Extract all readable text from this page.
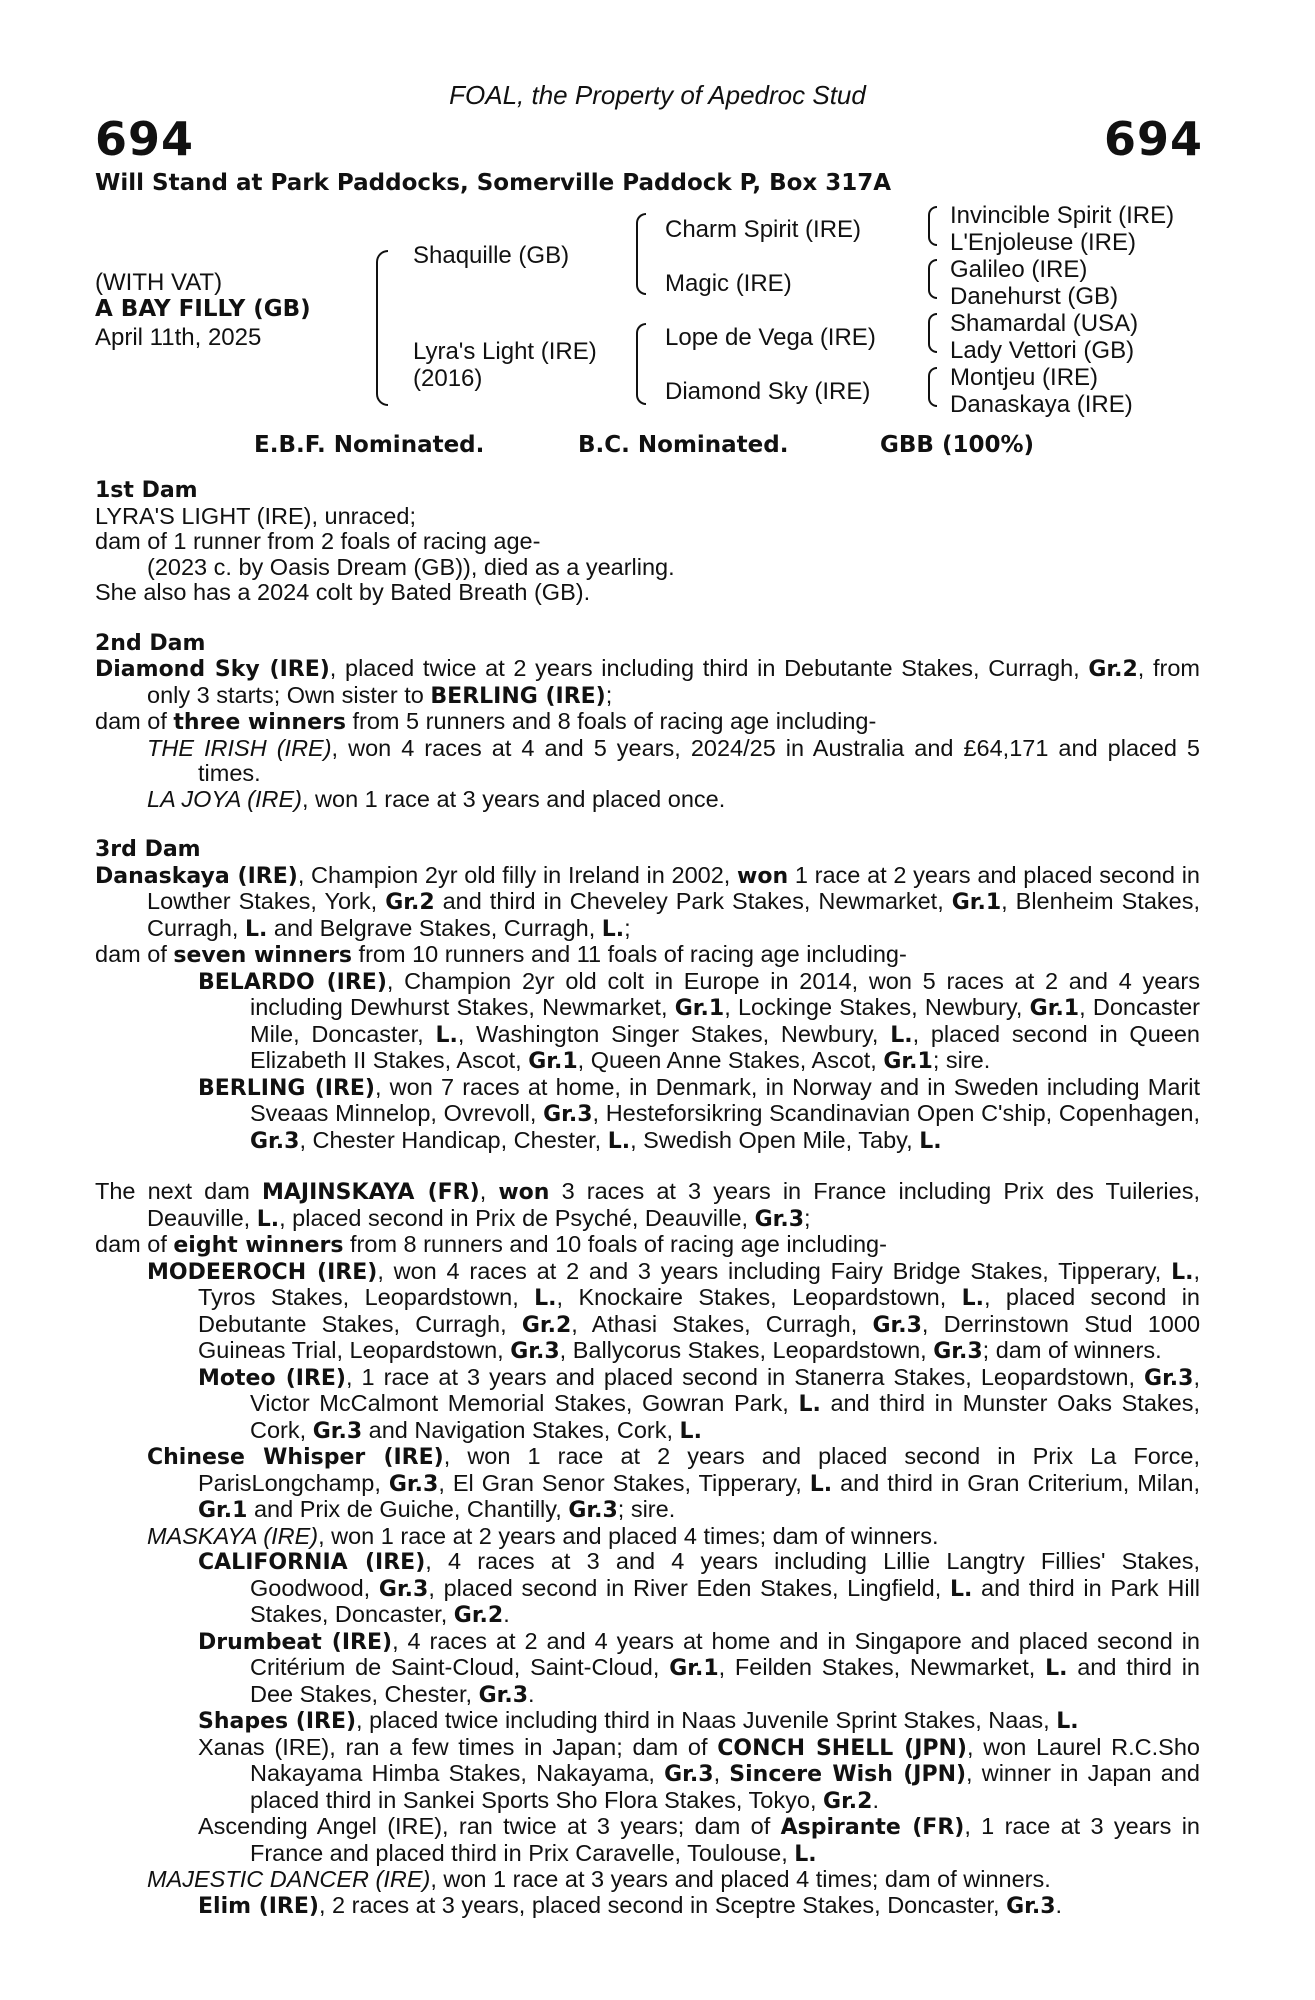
FOAL, the Property of Apedroc Stud
694	694
Will Stand at Park Paddocks, Somerville Paddock P, Box 317A
(WITH VAT)
A BAY FILLY (GB)
April 11th, 2025
Shaquille (GB)
Lyra's Light (IRE)
(2016)
Charm Spirit (IRE)
Magic (IRE)
Lope de Vega (IRE)
Diamond Sky (IRE)
Invincible Spirit (IRE)
L'Enjoleuse (IRE)
Galileo (IRE)
Danehurst (GB)
Shamardal (USA)
Lady Vettori (GB)
Montjeu (IRE)
Danaskaya (IRE)
E.B.F. Nominated.	B.C. Nominated.	GBB (100%)

1st Dam

LYRA'S LIGHT (IRE), unraced;

dam of 1 runner from 2 foals of racing age-

(2023 c. by Oasis Dream (GB)), died as a yearling.

She also has a 2024 colt by Bated Breath (GB).

2nd Dam

Diamond Sky (IRE), placed twice at 2 years including third in Debutante Stakes, Curragh, Gr.2, from only 3 starts; Own sister to BERLING (IRE);

dam of three winners from 5 runners and 8 foals of racing age including-

THE IRISH (IRE), won 4 races at 4 and 5 years, 2024/25 in Australia and £64,171 and placed 5 times.

LA JOYA (IRE), won 1 race at 3 years and placed once.

3rd Dam

Danaskaya (IRE), Champion 2yr old filly in Ireland in 2002, won 1 race at 2 years and placed second in Lowther Stakes, York, Gr.2 and third in Cheveley Park Stakes, Newmarket, Gr.1, Blenheim Stakes, Curragh, L. and Belgrave Stakes, Curragh, L.;

dam of seven winners from 10 runners and 11 foals of racing age including-

BELARDO (IRE), Champion 2yr old colt in Europe in 2014, won 5 races at 2 and 4 years including Dewhurst Stakes, Newmarket, Gr.1, Lockinge Stakes, Newbury, Gr.1, Doncaster Mile, Doncaster, L., Washington Singer Stakes, Newbury, L., placed second in Queen Elizabeth II Stakes, Ascot, Gr.1, Queen Anne Stakes, Ascot, Gr.1; sire.

BERLING (IRE), won 7 races at home, in Denmark, in Norway and in Sweden including Marit Sveaas Minnelop, Ovrevoll, Gr.3, Hesteforsikring Scandinavian Open C'ship, Copenhagen, Gr.3, Chester Handicap, Chester, L., Swedish Open Mile, Taby, L.

The next dam MAJINSKAYA (FR), won 3 races at 3 years in France including Prix des Tuileries, Deauville, L., placed second in Prix de Psyché, Deauville, Gr.3;

dam of eight winners from 8 runners and 10 foals of racing age including-

MODEEROCH (IRE), won 4 races at 2 and 3 years including Fairy Bridge Stakes, Tipperary, L., Tyros Stakes, Leopardstown, L., Knockaire Stakes, Leopardstown, L., placed second in Debutante Stakes, Curragh, Gr.2, Athasi Stakes, Curragh, Gr.3, Derrinstown Stud 1000 Guineas Trial, Leopardstown, Gr.3, Ballycorus Stakes, Leopardstown, Gr.3; dam of winners.

Moteo (IRE), 1 race at 3 years and placed second in Stanerra Stakes, Leopardstown, Gr.3, Victor McCalmont Memorial Stakes, Gowran Park, L. and third in Munster Oaks Stakes, Cork, Gr.3 and Navigation Stakes, Cork, L.

Chinese Whisper (IRE), won 1 race at 2 years and placed second in Prix La Force, ParisLongchamp, Gr.3, El Gran Senor Stakes, Tipperary, L. and third in Gran Criterium, Milan, Gr.1 and Prix de Guiche, Chantilly, Gr.3; sire.

MASKAYA (IRE), won 1 race at 2 years and placed 4 times; dam of winners.

CALIFORNIA (IRE), 4 races at 3 and 4 years including Lillie Langtry Fillies' Stakes, Goodwood, Gr.3, placed second in River Eden Stakes, Lingfield, L. and third in Park Hill Stakes, Doncaster, Gr.2.

Drumbeat (IRE), 4 races at 2 and 4 years at home and in Singapore and placed second in Critérium de Saint-Cloud, Saint-Cloud, Gr.1, Feilden Stakes, Newmarket, L. and third in Dee Stakes, Chester, Gr.3.

Shapes (IRE), placed twice including third in Naas Juvenile Sprint Stakes, Naas, L.

Xanas (IRE), ran a few times in Japan; dam of CONCH SHELL (JPN), won Laurel R.C.Sho Nakayama Himba Stakes, Nakayama, Gr.3, Sincere Wish (JPN), winner in Japan and placed third in Sankei Sports Sho Flora Stakes, Tokyo, Gr.2.

Ascending Angel (IRE), ran twice at 3 years; dam of Aspirante (FR), 1 race at 3 years in France and placed third in Prix Caravelle, Toulouse, L.

MAJESTIC DANCER (IRE), won 1 race at 3 years and placed 4 times; dam of winners.

Elim (IRE), 2 races at 3 years, placed second in Sceptre Stakes, Doncaster, Gr.3.
